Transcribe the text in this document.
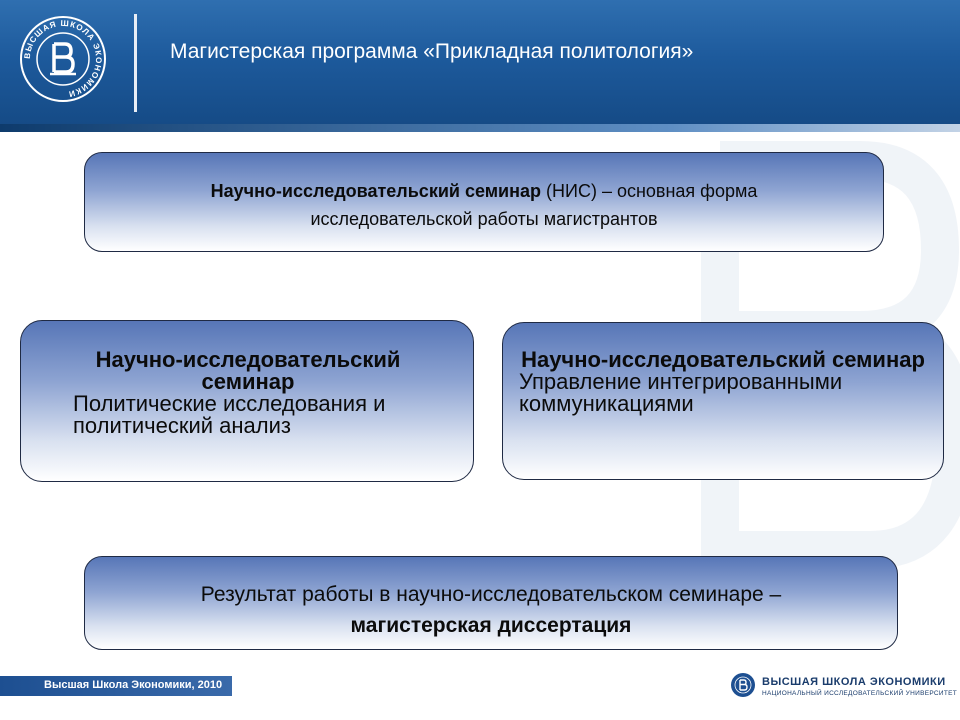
ВЫСШАЯ ШКОЛА ЭКОНОМИКИ
Магистерская программа «Прикладная политология»
Научно-исследовательский семинар (НИС) – основная форма
исследовательской работы магистрантов
Научно-исследовательский семинар
Политические исследования и политический анализ
Научно-исследовательский семинар
Управление интегрированными коммуникациями
Результат работы в научно-исследовательском семинаре –
магистерская диссертация
Высшая Школа Экономики, 2010	ВЫСШАЯ ШКОЛА ЭКОНОМИКИ
НАЦИОНАЛЬНЫЙ ИССЛЕДОВАТЕЛЬСКИЙ УНИВЕРСИТЕТ
